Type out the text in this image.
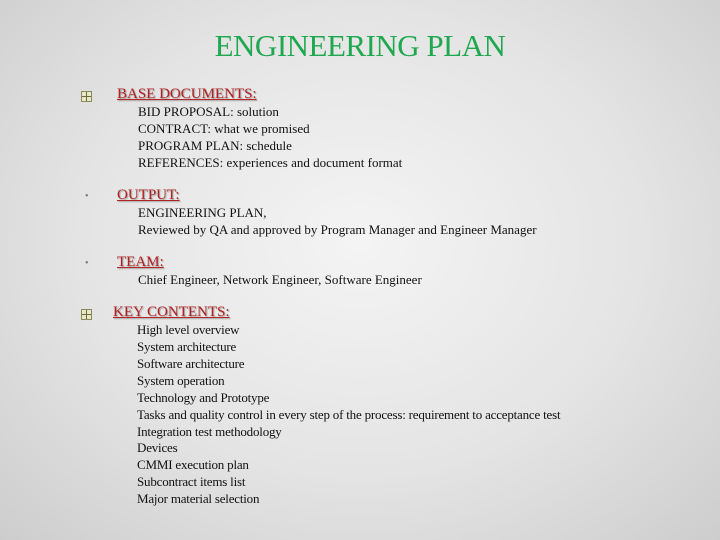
ENGINEERING PLAN
BASE DOCUMENTS:
BID PROPOSAL: solution
CONTRACT: what we promised
PROGRAM PLAN: schedule
REFERENCES: experiences and document format
• OUTPUT:
ENGINEERING PLAN,
Reviewed by QA and approved by Program Manager and Engineer Manager
• TEAM:
Chief Engineer, Network Engineer, Software Engineer
KEY CONTENTS:
High level overview
System architecture
Software architecture
System operation
Technology and Prototype
Tasks and quality control in every step of the process: requirement to acceptance test
Integration test methodology
Devices
CMMI execution plan
Subcontract items list
Major material selection
